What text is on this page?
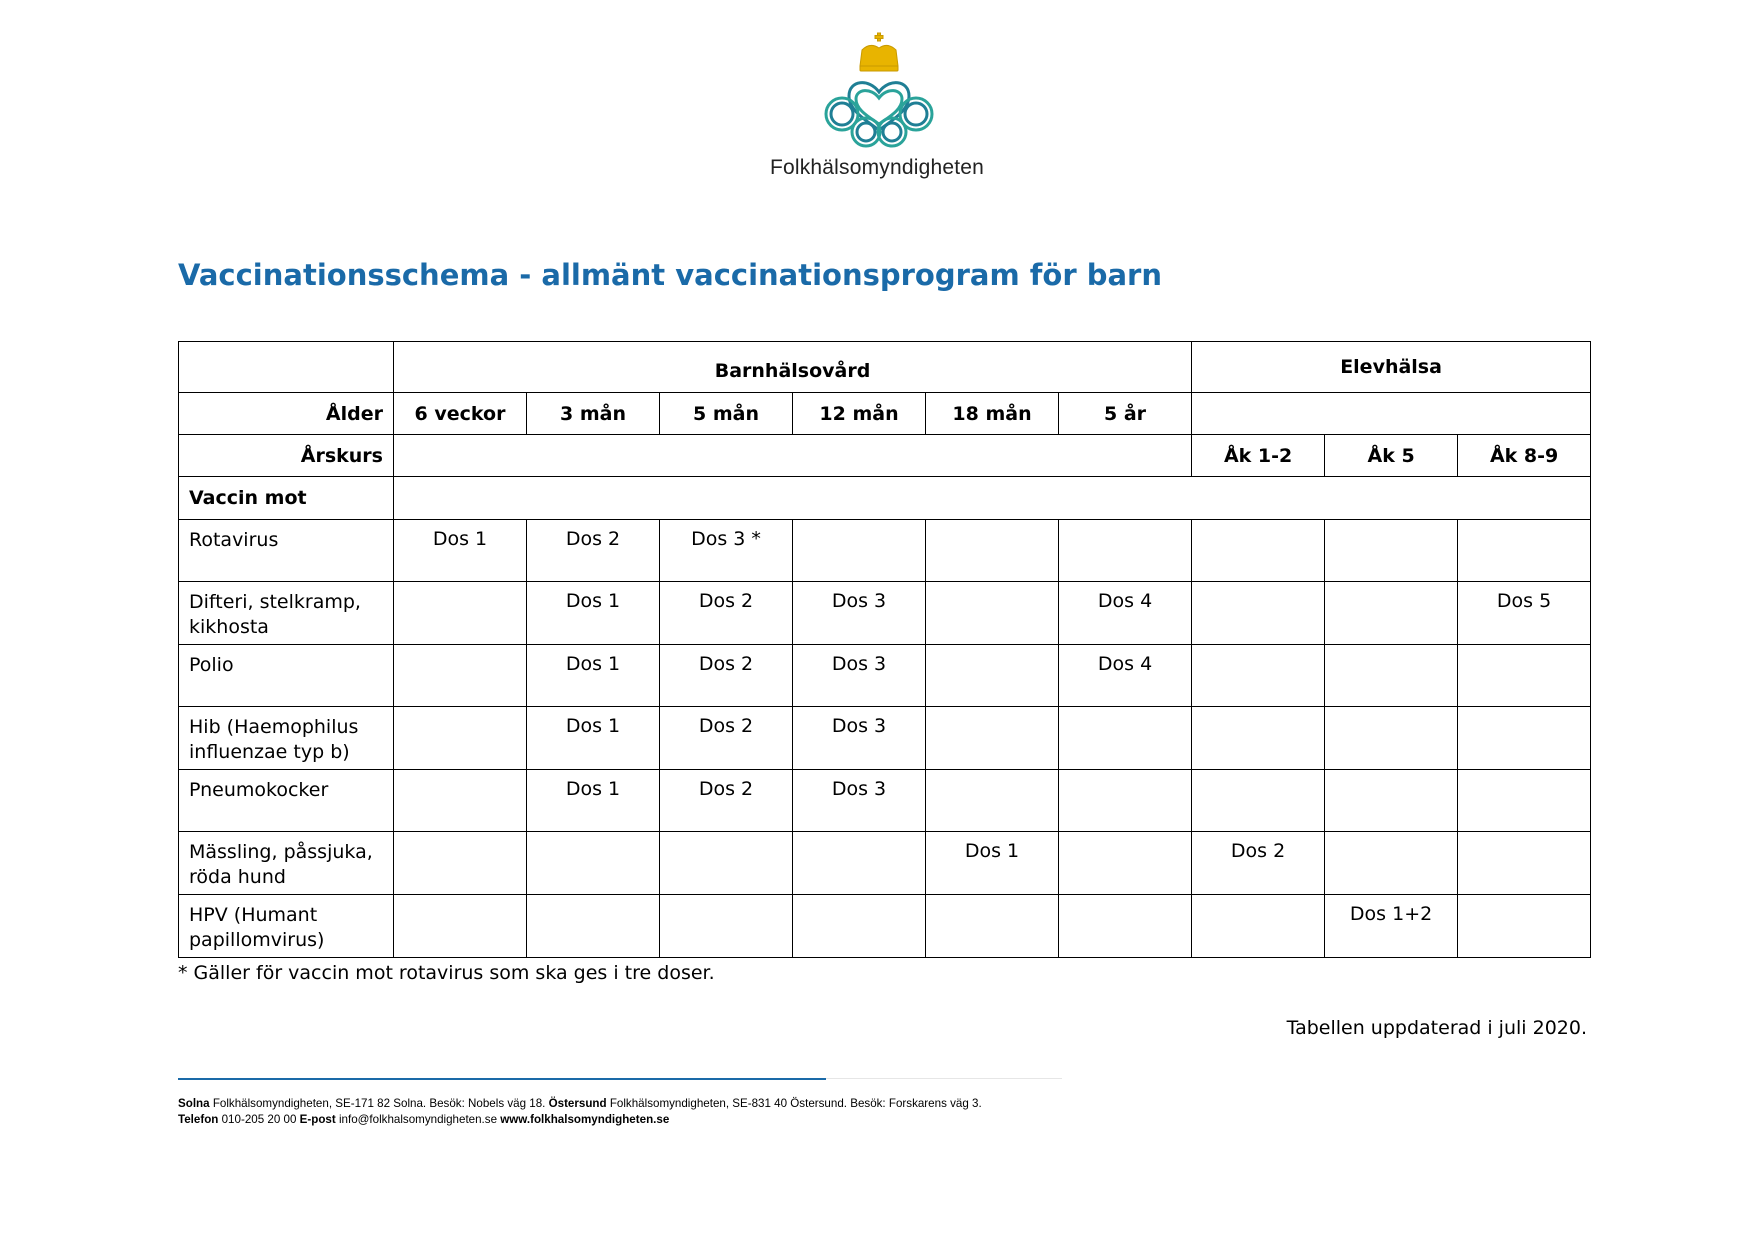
Folkhälsomyndigheten
Vaccinationsschema - allmänt vaccinationsprogram för barn
	Barnhälsovård						Elevhälsa		
Ålder	6 veckor	3 mån	5 mån	12 mån	18 mån	5 år			
Årskurs							Åk 1-2	Åk 5	Åk 8-9
Vaccin mot									
Rotavirus	Dos 1	Dos 2	Dos 3 *						
Difteri, stelkramp, kikhosta		Dos 1	Dos 2	Dos 3		Dos 4			Dos 5
Polio		Dos 1	Dos 2	Dos 3		Dos 4			
Hib (Haemophilus influenzae typ b)		Dos 1	Dos 2	Dos 3					
Pneumokocker		Dos 1	Dos 2	Dos 3					
Mässling, påssjuka, röda hund					Dos 1		Dos 2		
HPV (Humant papillomvirus)								Dos 1+2	
* Gäller för vaccin mot rotavirus som ska ges i tre doser.
Tabellen uppdaterad i juli 2020.
Solna Folkhälsomyndigheten, SE-171 82 Solna. Besök: Nobels väg 18. Östersund Folkhälsomyndigheten, SE-831 40 Östersund. Besök: Forskarens väg 3.
Telefon 010-205 20 00 E-post info@folkhalsomyndigheten.se www.folkhalsomyndigheten.se
